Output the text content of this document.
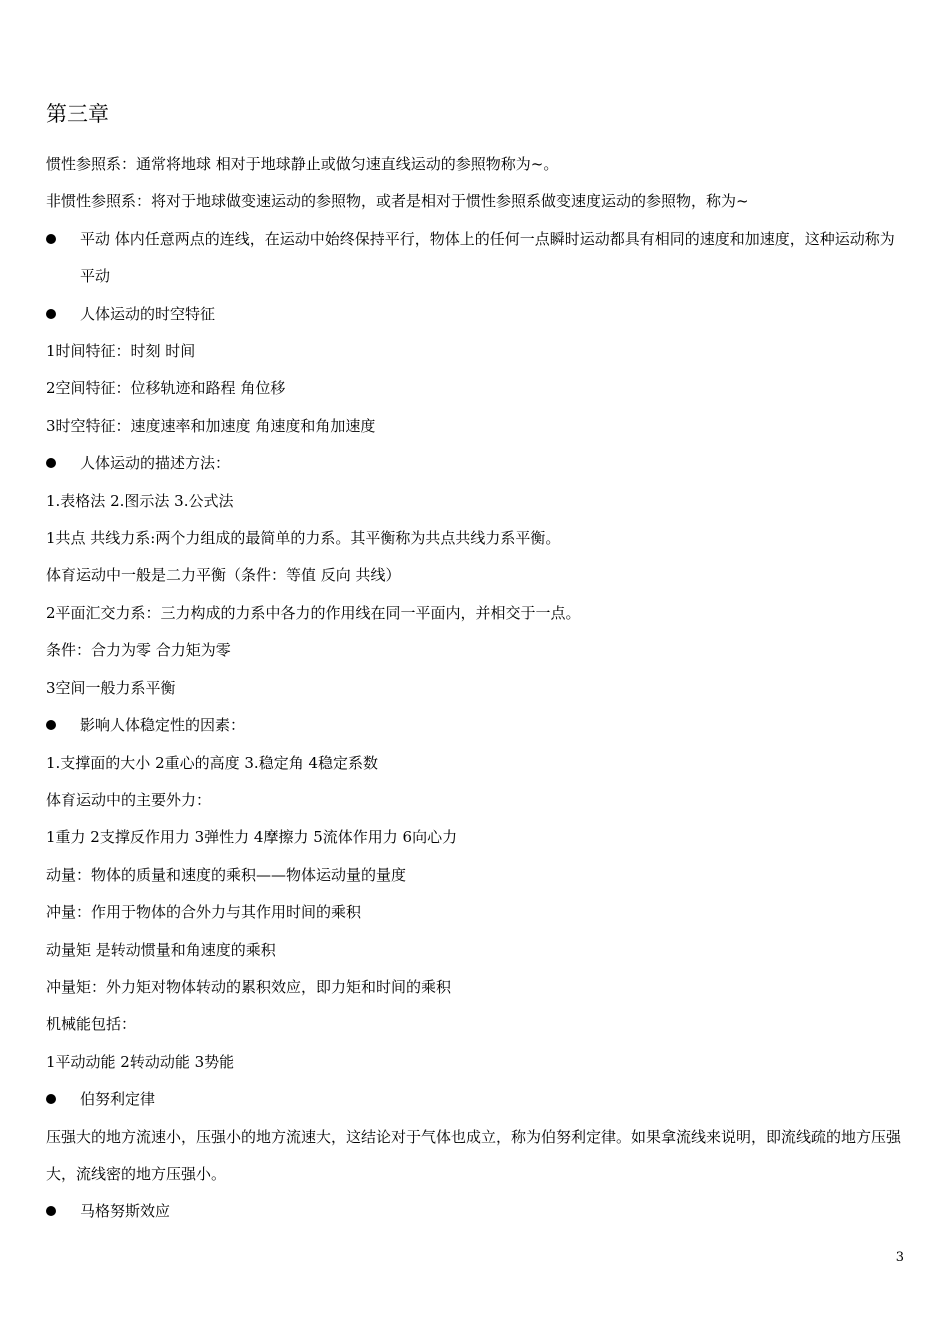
第三章
惯性参照系：通常将地球 相对于地球静止或做匀速直线运动的参照物称为~。
非惯性参照系：将对于地球做变速运动的参照物，或者是相对于惯性参照系做变速度运动的参照物，称为~
平动 体内任意两点的连线，在运动中始终保持平行，物体上的任何一点瞬时运动都具有相同的速度和加速度，这种运动称为平动
人体运动的时空特征
1时间特征：时刻 时间
2空间特征：位移轨迹和路程 角位移
3时空特征：速度速率和加速度 角速度和角加速度
人体运动的描述方法：
1.表格法 2.图示法 3.公式法
1共点 共线力系:两个力组成的最简单的力系。其平衡称为共点共线力系平衡。
体育运动中一般是二力平衡（条件：等值 反向 共线）
2平面汇交力系：三力构成的力系中各力的作用线在同一平面内，并相交于一点。
条件：合力为零 合力矩为零
3空间一般力系平衡
影响人体稳定性的因素：
1.支撑面的大小 2重心的高度 3.稳定角 4稳定系数
体育运动中的主要外力：
1重力 2支撑反作用力 3弹性力 4摩擦力 5流体作用力 6向心力
动量：物体的质量和速度的乘积——物体运动量的量度
冲量：作用于物体的合外力与其作用时间的乘积
动量矩 是转动惯量和角速度的乘积
冲量矩：外力矩对物体转动的累积效应，即力矩和时间的乘积
机械能包括：
1平动动能 2转动动能 3势能
伯努利定律
压强大的地方流速小，压强小的地方流速大，这结论对于气体也成立，称为伯努利定律。如果拿流线来说明，即流线疏的地方压强大，流线密的地方压强小。
马格努斯效应
3
